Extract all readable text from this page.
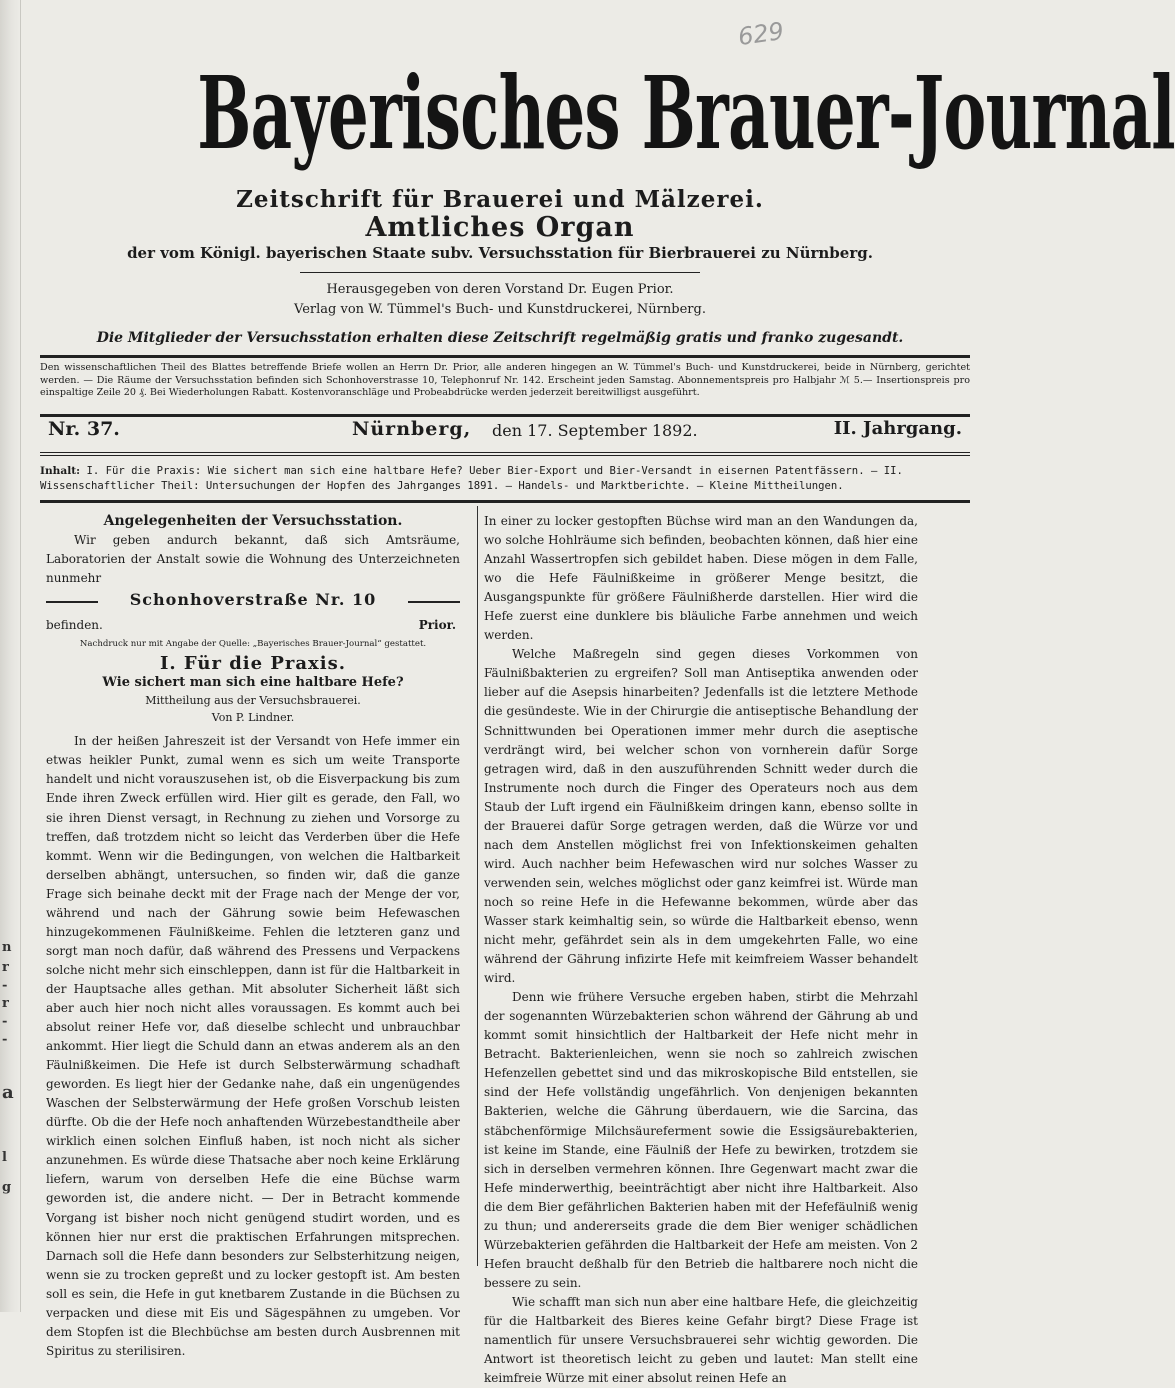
n
r
-
r
-
-
a
l
g
629
Bayerisches Brauer-Journal
Zeitschrift für Brauerei und Mälzerei.
Amtliches Organ
der vom Königl. bayerischen Staate subv. Versuchsstation für Bierbrauerei zu Nürnberg.
Herausgegeben von deren Vorstand Dr. Eugen Prior.
Verlag von W. Tümmel's Buch- und Kunstdruckerei, Nürnberg.
Die Mitglieder der Versuchsstation erhalten diese Zeitschrift regelmäßig gratis und franko zugesandt.
Den wissenschaftlichen Theil des Blattes betreffende Briefe wollen an Herrn Dr. Prior, alle anderen hingegen an W. Tümmel's Buch- und Kunstdruckerei, beide in Nürnberg, gerichtet werden. — Die Räume der Versuchsstation befinden sich Schonhoverstrasse 10, Telephonruf Nr. 142. Erscheint jeden Samstag. Abonnementspreis pro Halbjahr ℳ 5.— Insertionspreis pro einspaltige Zeile 20 ₰. Bei Wiederholungen Rabatt. Kostenvoranschläge und Probeabdrücke werden jederzeit bereitwilligst ausgeführt.
Nr. 37.	Nürnberg, den 17. September 1892.	II. Jahrgang.
Inhalt: I. Für die Praxis: Wie sichert man sich eine haltbare Hefe? Ueber Bier-Export und Bier-Versandt in eisernen Patentfässern. — II. Wissenschaftlicher Theil: Untersuchungen der Hopfen des Jahrganges 1891. — Handels- und Marktberichte. — Kleine Mittheilungen.

Angelegenheiten der Versuchsstation.

Wir geben andurch bekannt, daß sich Amtsräume, Laboratorien der Anstalt sowie die Wohnung des Unterzeichneten nunmehr

Schonhoverstraße Nr. 10
befinden.	Prior.

Nachdruck nur mit Angabe der Quelle: „Bayerisches Brauer-Journal“ gestattet.

I. Für die Praxis.

Wie sichert man sich eine haltbare Hefe?

Mittheilung aus der Versuchsbrauerei.

Von P. Lindner.

In der heißen Jahreszeit ist der Versandt von Hefe immer ein etwas heikler Punkt, zumal wenn es sich um weite Transporte handelt und nicht vorauszusehen ist, ob die Eisverpackung bis zum Ende ihren Zweck erfüllen wird. Hier gilt es gerade, den Fall, wo sie ihren Dienst versagt, in Rechnung zu ziehen und Vorsorge zu treffen, daß trotzdem nicht so leicht das Verderben über die Hefe kommt. Wenn wir die Bedingungen, von welchen die Haltbarkeit derselben abhängt, untersuchen, so finden wir, daß die ganze Frage sich beinahe deckt mit der Frage nach der Menge der vor, während und nach der Gährung sowie beim Hefewaschen hinzugekommenen Fäulnißkeime. Fehlen die letzteren ganz und sorgt man noch dafür, daß während des Pressens und Verpackens solche nicht mehr sich einschleppen, dann ist für die Haltbarkeit in der Hauptsache alles gethan. Mit absoluter Sicherheit läßt sich aber auch hier noch nicht alles voraussagen. Es kommt auch bei absolut reiner Hefe vor, daß dieselbe schlecht und unbrauchbar ankommt. Hier liegt die Schuld dann an etwas anderem als an den Fäulnißkeimen. Die Hefe ist durch Selbsterwärmung schadhaft geworden. Es liegt hier der Gedanke nahe, daß ein ungenügendes Waschen der Selbsterwärmung der Hefe großen Vorschub leisten dürfte. Ob die der Hefe noch anhaftenden Würzebestandtheile aber wirklich einen solchen Einfluß haben, ist noch nicht als sicher anzunehmen. Es würde diese Thatsache aber noch keine Erklärung liefern, warum von derselben Hefe die eine Büchse warm geworden ist, die andere nicht. — Der in Betracht kommende Vorgang ist bisher noch nicht genügend studirt worden, und es können hier nur erst die praktischen Erfahrungen mitsprechen. Darnach soll die Hefe dann besonders zur Selbsterhitzung neigen, wenn sie zu trocken gepreßt und zu locker gestopft ist. Am besten soll es sein, die Hefe in gut knetbarem Zustande in die Büchsen zu verpacken und diese mit Eis und Sägespähnen zu umgeben. Vor dem Stopfen ist die Blechbüchse am besten durch Ausbrennen mit Spiritus zu sterilisiren.

In einer zu locker gestopften Büchse wird man an den Wandungen da, wo solche Hohlräume sich befinden, beobachten können, daß hier eine Anzahl Wassertropfen sich gebildet haben. Diese mögen in dem Falle, wo die Hefe Fäulnißkeime in größerer Menge besitzt, die Ausgangspunkte für größere Fäulnißherde darstellen. Hier wird die Hefe zuerst eine dunklere bis bläuliche Farbe annehmen und weich werden.

Welche Maßregeln sind gegen dieses Vorkommen von Fäulnißbakterien zu ergreifen? Soll man Antiseptika anwenden oder lieber auf die Asepsis hinarbeiten? Jedenfalls ist die letztere Methode die gesündeste. Wie in der Chirurgie die antiseptische Behandlung der Schnittwunden bei Operationen immer mehr durch die aseptische verdrängt wird, bei welcher schon von vornherein dafür Sorge getragen wird, daß in den auszuführenden Schnitt weder durch die Instrumente noch durch die Finger des Operateurs noch aus dem Staub der Luft irgend ein Fäulnißkeim dringen kann, ebenso sollte in der Brauerei dafür Sorge getragen werden, daß die Würze vor und nach dem Anstellen möglichst frei von Infektionskeimen gehalten wird. Auch nachher beim Hefewaschen wird nur solches Wasser zu verwenden sein, welches möglichst oder ganz keimfrei ist. Würde man noch so reine Hefe in die Hefewanne bekommen, würde aber das Wasser stark keimhaltig sein, so würde die Haltbarkeit ebenso, wenn nicht mehr, gefährdet sein als in dem umgekehrten Falle, wo eine während der Gährung infizirte Hefe mit keimfreiem Wasser behandelt wird.

Denn wie frühere Versuche ergeben haben, stirbt die Mehrzahl der sogenannten Würzebakterien schon während der Gährung ab und kommt somit hinsichtlich der Haltbarkeit der Hefe nicht mehr in Betracht. Bakterienleichen, wenn sie noch so zahlreich zwischen Hefenzellen gebettet sind und das mikroskopische Bild entstellen, sie sind der Hefe vollständig ungefährlich. Von denjenigen bekannten Bakterien, welche die Gährung überdauern, wie die Sarcina, das stäbchenförmige Milchsäureferment sowie die Essigsäurebakterien, ist keine im Stande, eine Fäulniß der Hefe zu bewirken, trotzdem sie sich in derselben vermehren können. Ihre Gegenwart macht zwar die Hefe minderwerthig, beeinträchtigt aber nicht ihre Haltbarkeit. Also die dem Bier gefährlichen Bakterien haben mit der Hefefäulniß wenig zu thun; und andererseits grade die dem Bier weniger schädlichen Würzebakterien gefährden die Haltbarkeit der Hefe am meisten. Von 2 Hefen braucht deßhalb für den Betrieb die haltbarere noch nicht die bessere zu sein.

Wie schafft man sich nun aber eine haltbare Hefe, die gleichzeitig für die Haltbarkeit des Bieres keine Gefahr birgt? Diese Frage ist namentlich für unsere Versuchsbrauerei sehr wichtig geworden. Die Antwort ist theoretisch leicht zu geben und lautet: Man stellt eine keimfreie Würze mit einer absolut reinen Hefe an
